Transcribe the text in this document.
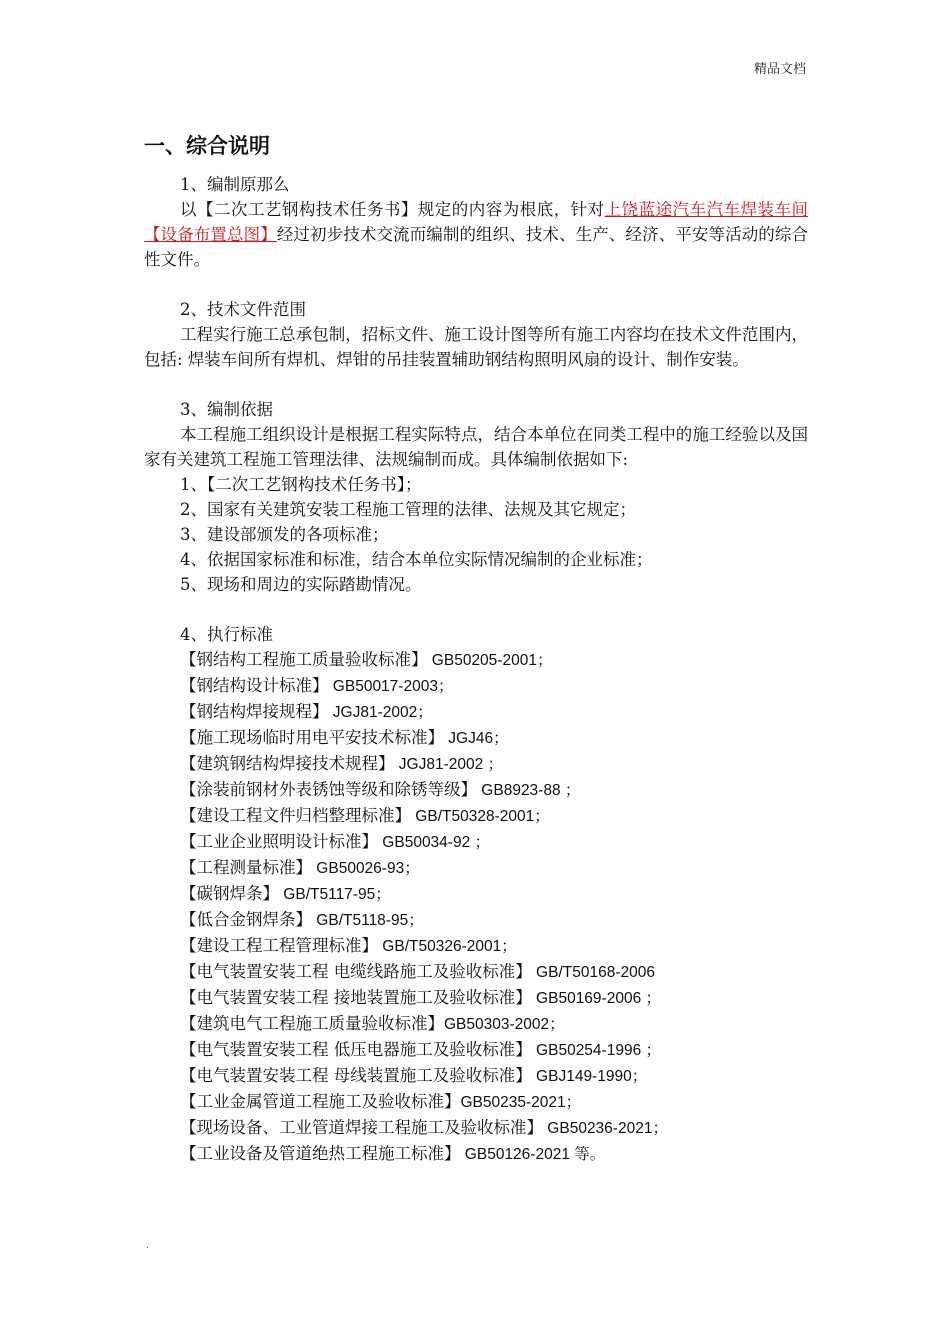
精品文档
一、综合说明

1、编制原那么

以【二次工艺钢构技术任务书】规定的内容为根底，针对上饶蓝途汽车汽车焊装车间【设备布置总图】经过初步技术交流而编制的组织、技术、生产、经济、平安等活动的综合性文件。

2、技术文件范围

工程实行施工总承包制，招标文件、施工设计图等所有施工内容均在技术文件范围内，包括: 焊装车间所有焊机、焊钳的吊挂装置辅助钢结构照明风扇的设计、制作安装。

3、编制依据

本工程施工组织设计是根据工程实际特点，结合本单位在同类工程中的施工经验以及国家有关建筑工程施工管理法律、法规编制而成。具体编制依据如下:

1、【二次工艺钢构技术任务书】；

2、国家有关建筑安装工程施工管理的法律、法规及其它规定；

3、建设部颁发的各项标准；

4、依据国家标准和标准，结合本单位实际情况编制的企业标准；

5、现场和周边的实际踏勘情况。

4、执行标准

【钢结构工程施工质量验收标准】 GB50205-2001；

【钢结构设计标准】 GB50017-2003；

【钢结构焊接规程】 JGJ81-2002；

【施工现场临时用电平安技术标准】 JGJ46；

【建筑钢结构焊接技术规程】 JGJ81-2002 ；

【涂装前钢材外表锈蚀等级和除锈等级】 GB8923-88 ；

【建设工程文件归档整理标准】 GB/T50328-2001；

【工业企业照明设计标准】 GB50034-92 ；

【工程测量标准】 GB50026-93；

【碳钢焊条】 GB/T5117-95；

【低合金钢焊条】 GB/T5118-95；

【建设工程工程管理标准】 GB/T50326-2001；

【电气装置安装工程 电缆线路施工及验收标准】 GB/T50168-2006

【电气装置安装工程 接地装置施工及验收标准】 GB50169-2006 ；

【建筑电气工程施工质量验收标准】GB50303-2002；

【电气装置安装工程 低压电器施工及验收标准】 GB50254-1996 ；

【电气装置安装工程 母线装置施工及验收标准】 GBJ149-1990；

【工业金属管道工程施工及验收标准】GB50235-2021；

【现场设备、工业管道焊接工程施工及验收标准】 GB50236-2021；

【工业设备及管道绝热工程施工标准】 GB50126-2021 等。

.
